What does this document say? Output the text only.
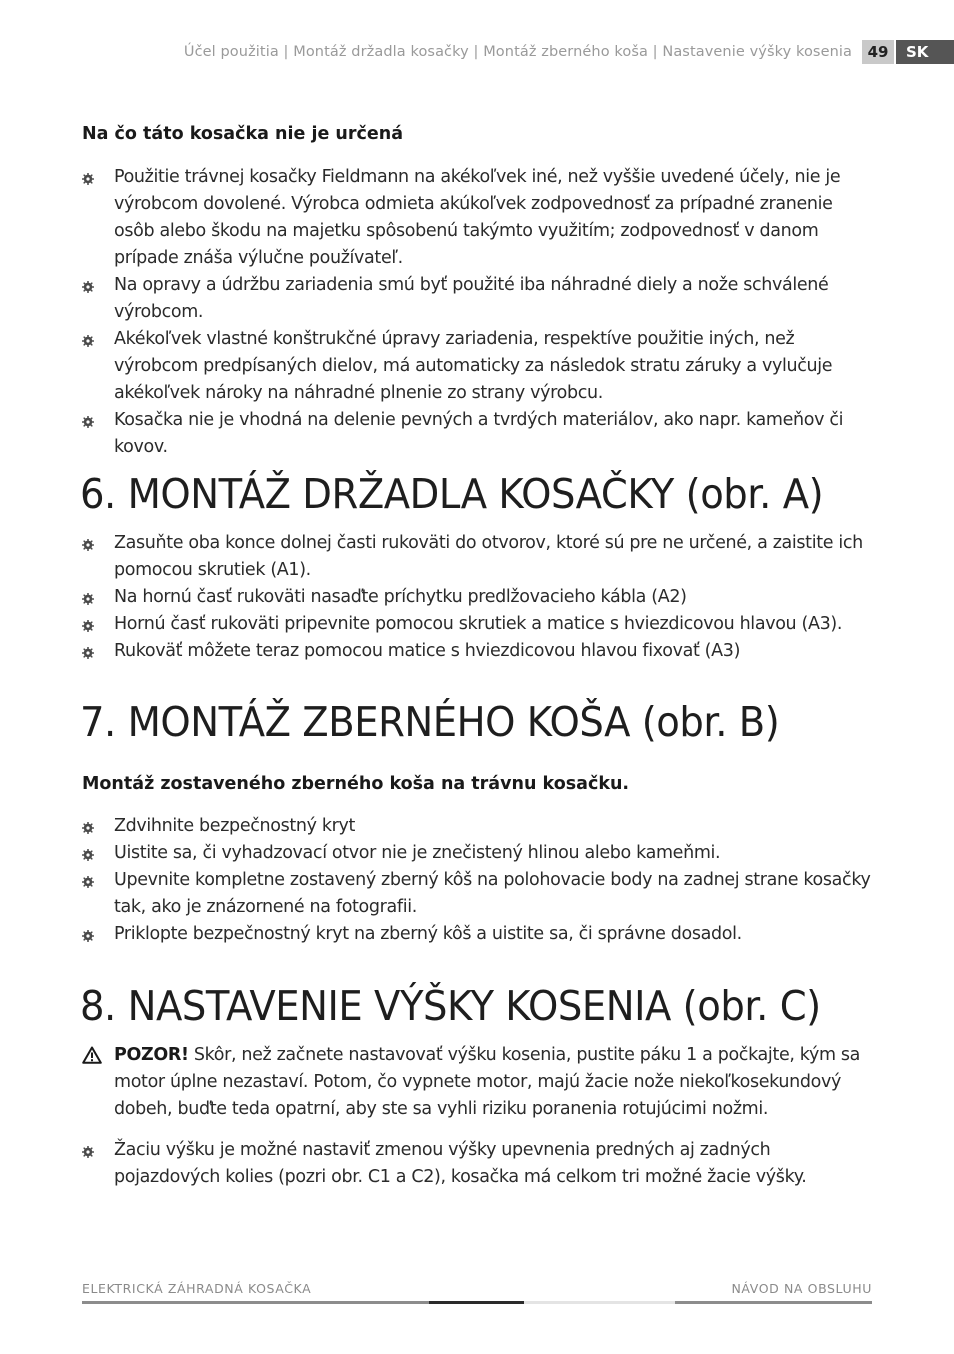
Účel použitia | Montáž držadla kosačky | Montáž zberného koša | Nastavenie výšky kosenia	49	SK
Na čo táto kosačka nie je určená
Použitie trávnej kosačky Fieldmann na akékoľvek iné, než vyššie uvedené účely, nie je výrobcom dovolené. Výrobca odmieta akúkoľvek zodpovednosť za prípadné zranenie osôb alebo škodu na majetku spôsobenú takýmto využitím; zodpovednosť v danom prípade znáša výlučne používateľ.
Na opravy a údržbu zariadenia smú byť použité iba náhradné diely a nože schválené výrobcom.
Akékoľvek vlastné konštrukčné úpravy zariadenia, respektíve použitie iných, než výrobcom predpísaných dielov, má automaticky za následok stratu záruky a vylučuje akékoľvek nároky na náhradné plnenie zo strany výrobcu.
Kosačka nie je vhodná na delenie pevných a tvrdých materiálov, ako napr. kameňov či kovov.
6. MONTÁŽ DRŽADLA KOSAČKY (obr. A)
Zasuňte oba konce dolnej časti rukoväti do otvorov, ktoré sú pre ne určené, a zaistite ich pomocou skrutiek (A1).
Na hornú časť rukoväti nasaďte príchytku predlžovacieho kábla (A2)
Hornú časť rukoväti pripevnite pomocou skrutiek a matice s hviezdicovou hlavou (A3).
Rukoväť môžete teraz pomocou matice s hviezdicovou hlavou fixovať (A3)
7. MONTÁŽ ZBERNÉHO KOŠA (obr. B)
Montáž zostaveného zberného koša na trávnu kosačku.
Zdvihnite bezpečnostný kryt
Uistite sa, či vyhadzovací otvor nie je znečistený hlinou alebo kameňmi.
Upevnite kompletne zostavený zberný kôš na polohovacie body na zadnej strane kosačky tak, ako je znázornené na fotografii.
Priklopte bezpečnostný kryt na zberný kôš a uistite sa, či správne dosadol.
8. NASTAVENIE VÝŠKY KOSENIA (obr. C)
POZOR! Skôr, než začnete nastavovať výšku kosenia, pustite páku 1 a počkajte, kým sa motor úplne nezastaví. Potom, čo vypnete motor, majú žacie nože niekoľkosekundový dobeh, buďte teda opatrní, aby ste sa vyhli riziku poranenia rotujúcimi nožmi.
Žaciu výšku je možné nastaviť zmenou výšky upevnenia predných aj zadných pojazdových kolies (pozri obr. C1 a C2), kosačka má celkom tri možné žacie výšky.
ELEKTRICKÁ ZÁHRADNÁ KOSAČKA	NÁVOD NA OBSLUHU
